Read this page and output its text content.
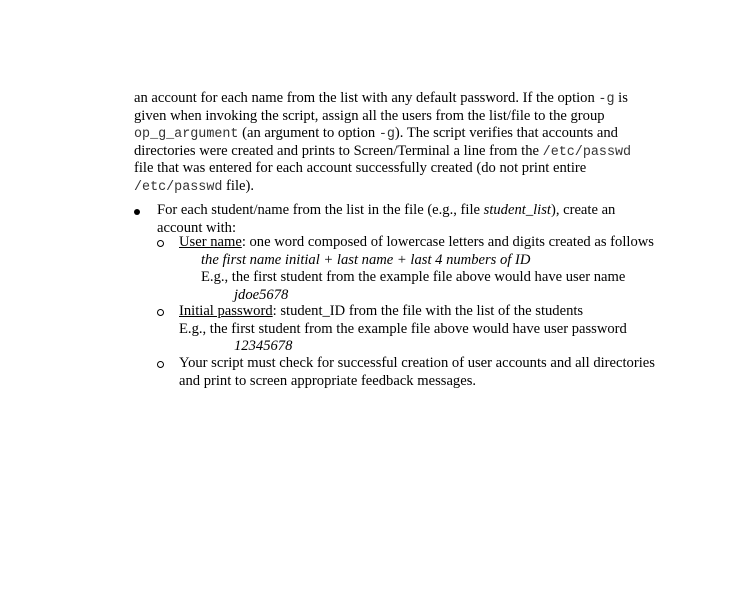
an account for each name from the list with any default password. If the option -g is
given when invoking the script, assign all the users from the list/file to the group
op_g_argument (an argument to option -g). The script verifies that accounts and
directories were created and prints to Screen/Terminal a line from the /etc/passwd
file that was entered for each account successfully created (do not print entire
/etc/passwd file).
For each student/name from the list in the file (e.g., file student_list), create an
account with:
User name: one word composed of lowercase letters and digits created as follows
the first name initial + last name + last 4 numbers of ID
E.g., the first student from the example file above would have user name
jdoe5678
Initial password: student_ID from the file with the list of the students
E.g., the first student from the example file above would have user password
12345678
Your script must check for successful creation of user accounts and all directories
and print to screen appropriate feedback messages.
